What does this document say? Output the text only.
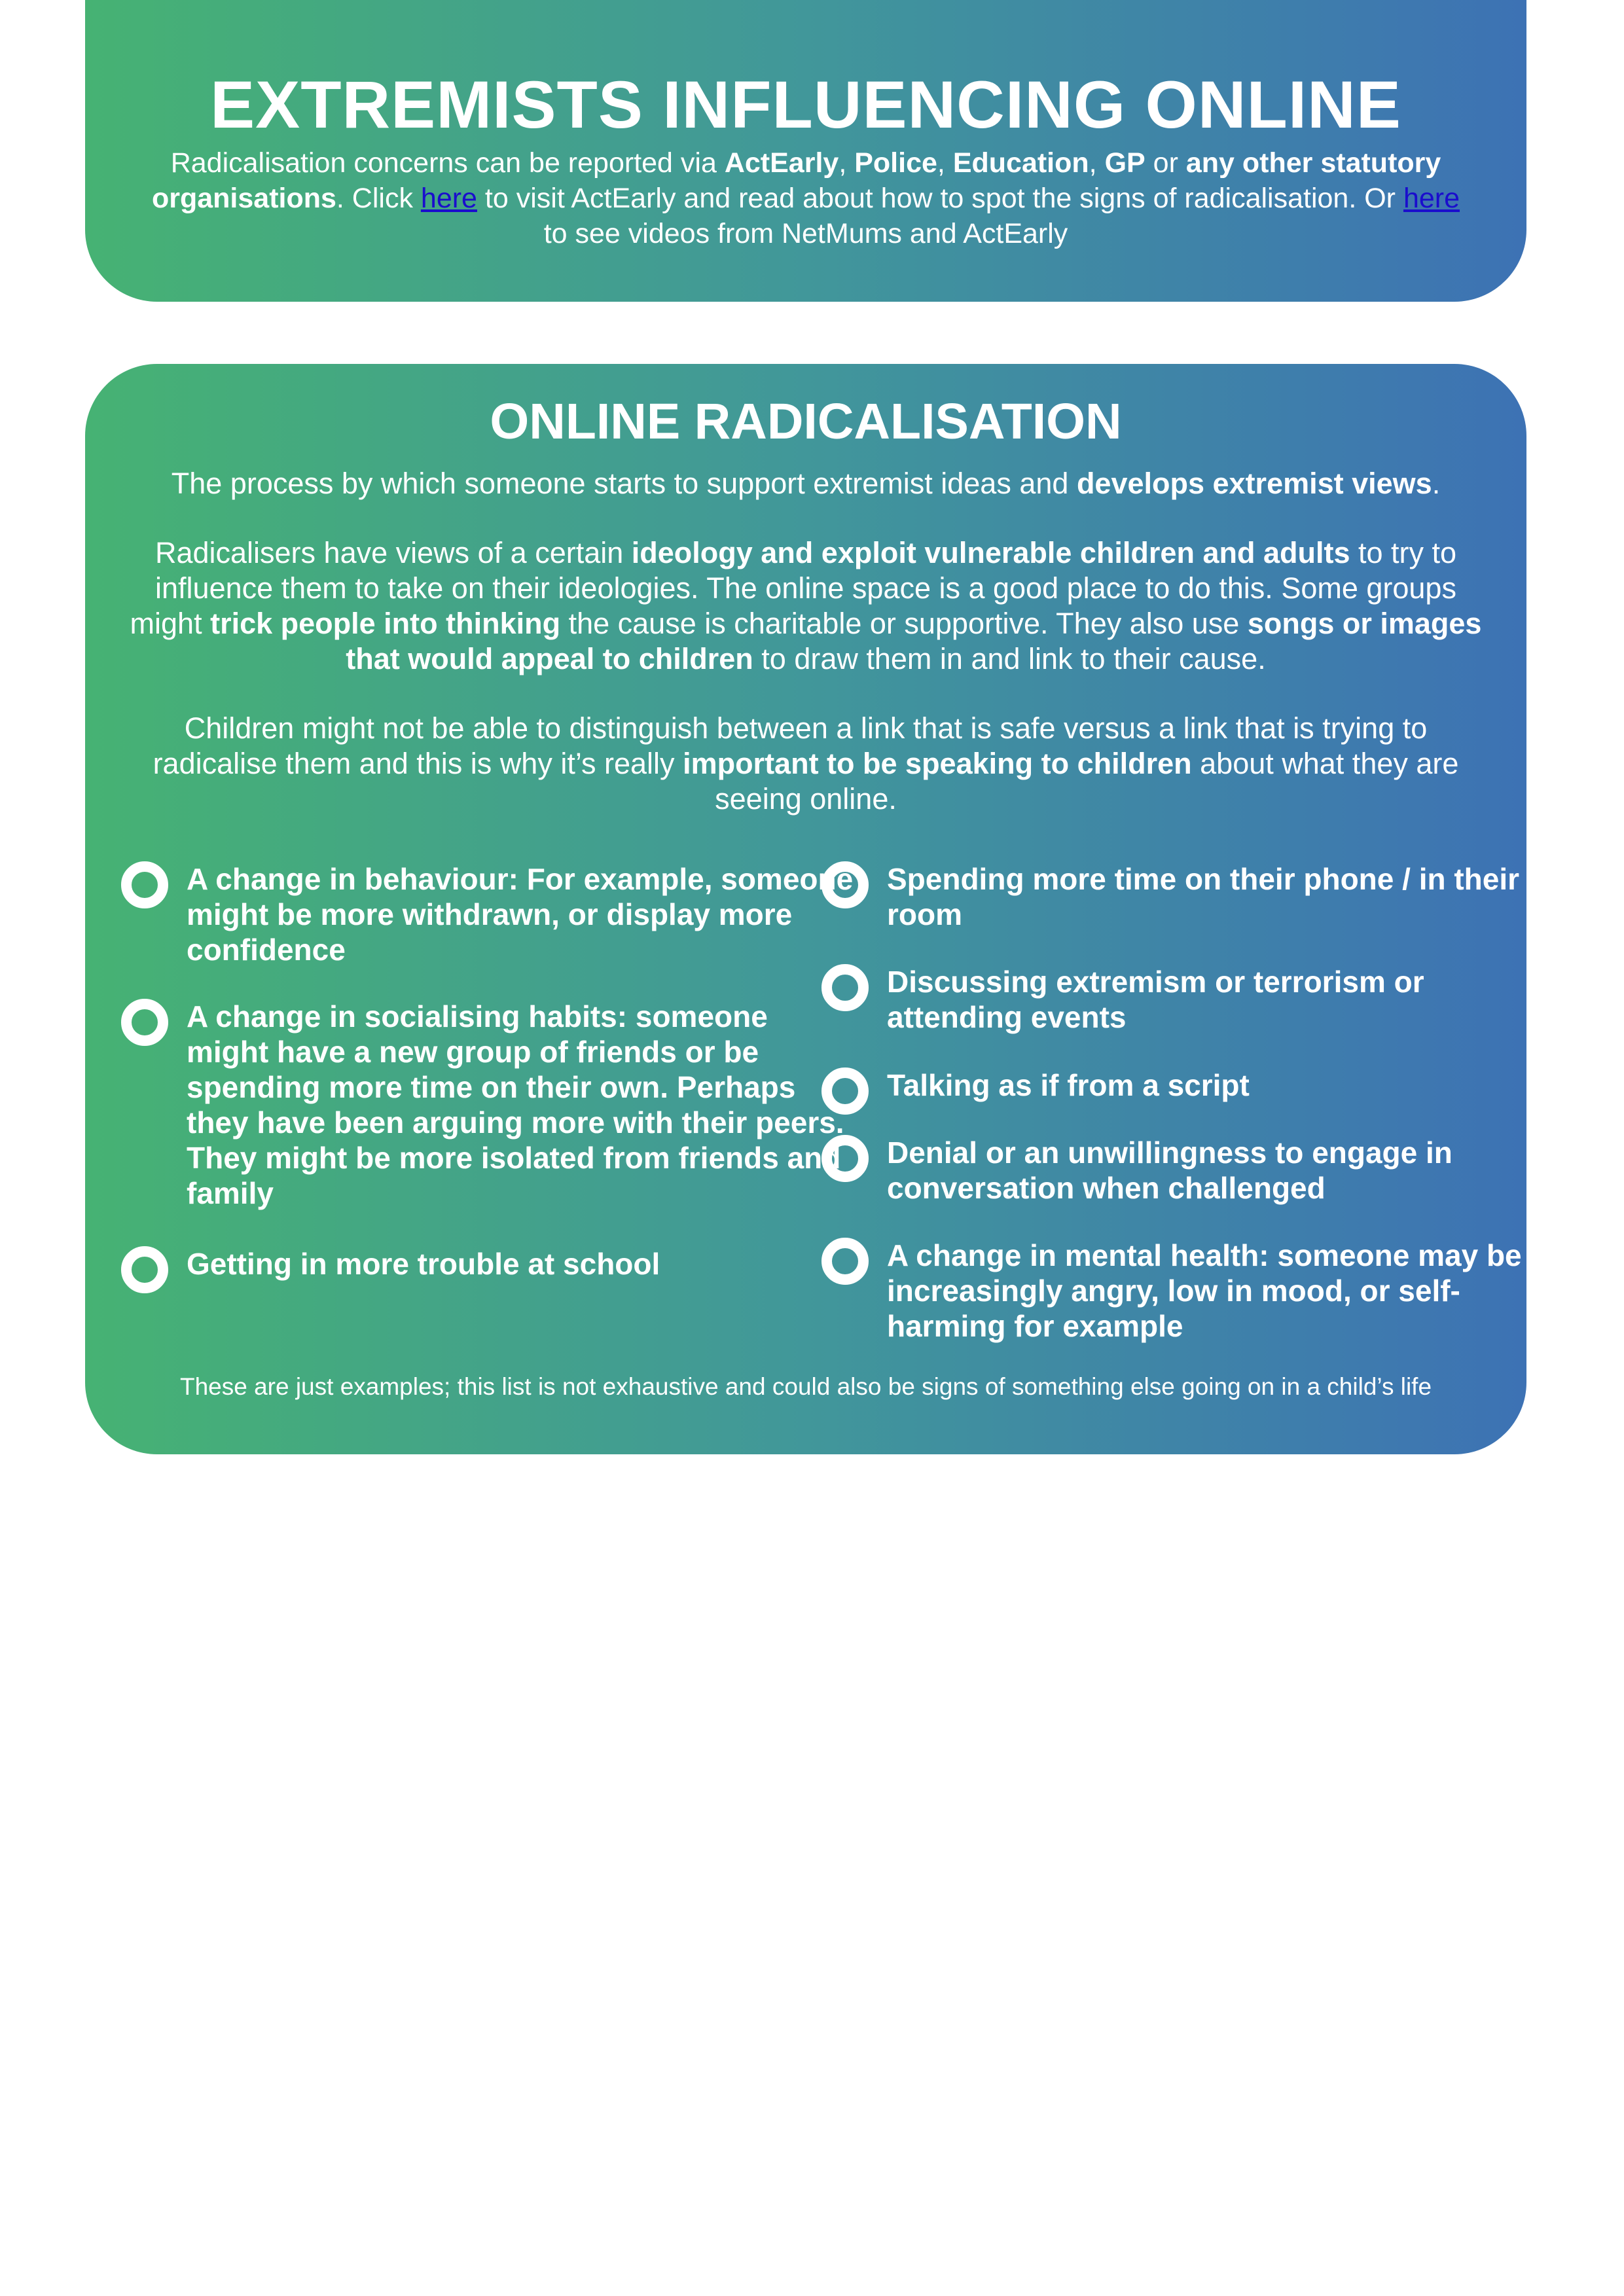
EXTREMISTS INFLUENCING ONLINE

Radicalisation concerns can be reported via ActEarly, Police, Education, GP or any other statutory organisations. Click here to visit ActEarly and read about how to spot the signs of radicalisation. Or here to see videos from NetMums and ActEarly

ONLINE RADICALISATION

The process by which someone starts to support extremist ideas and develops extremist views.

Radicalisers have views of a certain ideology and exploit vulnerable children and adults to try to influence them to take on their ideologies. The online space is a good place to do this. Some groups might trick people into thinking the cause is charitable or supportive. They also use songs or images that would appeal to children to draw them in and link to their cause.

Children might not be able to distinguish between a link that is safe versus a link that is trying to radicalise them and this is why it’s really important to be speaking to children about what they are seeing online.

A change in behaviour: For example, someone might be more withdrawn, or display more confidence
A change in socialising habits: someone might have a new group of friends or be spending more time on their own. Perhaps they have been arguing more with their peers. They might be more isolated from friends and family
Getting in more trouble at school
Spending more time on their phone / in their room
Discussing extremism or terrorism or attending events
Talking as if from a script
Denial or an unwillingness to engage in conversation when challenged
A change in mental health: someone may be increasingly angry, low in mood, or self-harming for example
These are just examples; this list is not exhaustive and could also be signs of something else going on in a child’s life
